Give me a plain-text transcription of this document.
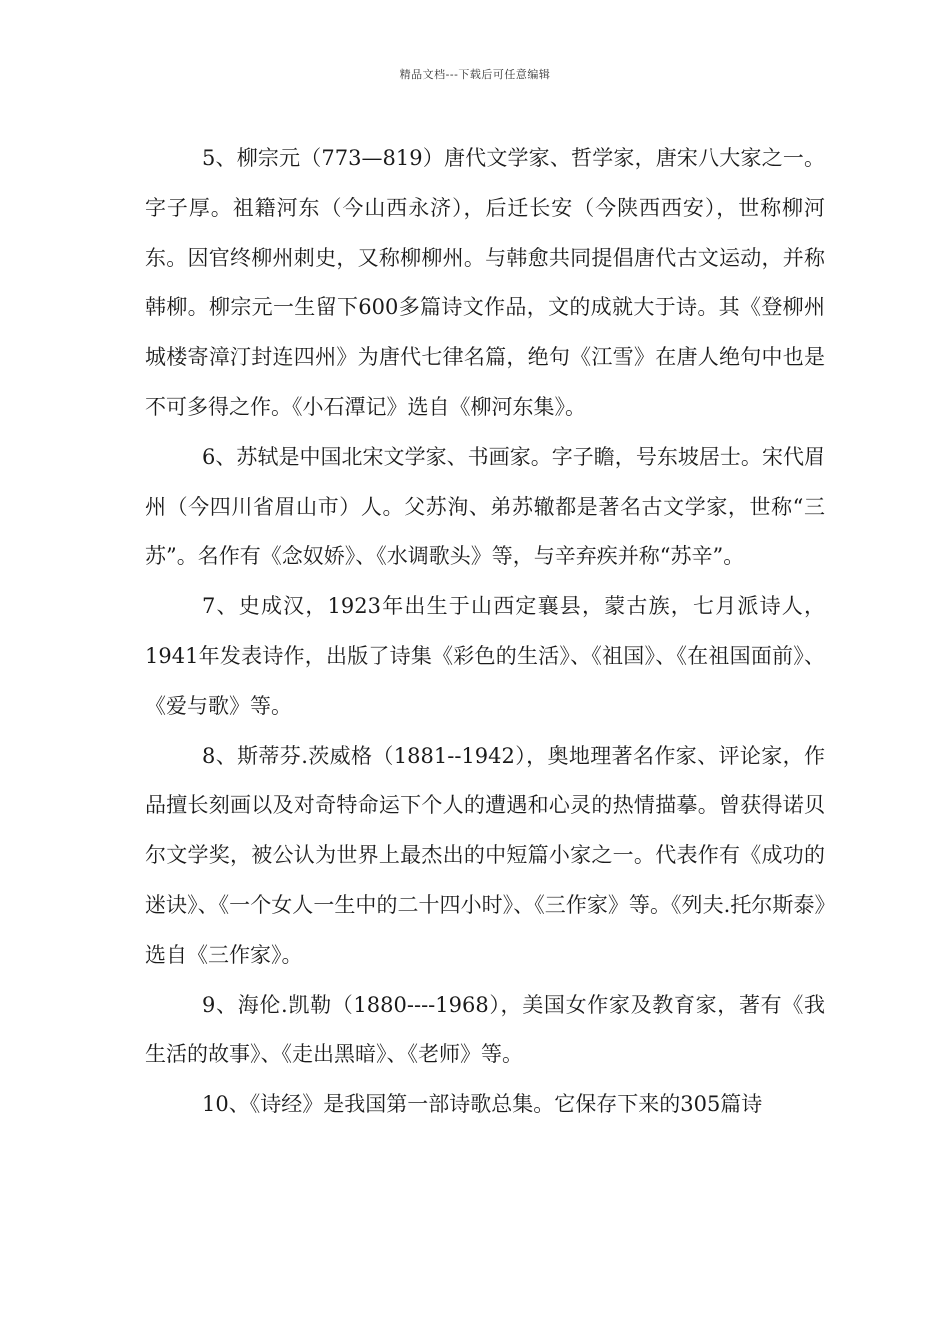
精品文档---下载后可任意编辑

5、柳宗元（773—819）唐代文学家、哲学家，唐宋八大家之一。字子厚。祖籍河东（今山西永济），后迁长安（今陕西西安），世称柳河东。因官终柳州刺史，又称柳柳州。与韩愈共同提倡唐代古文运动，并称韩柳。柳宗元一生留下600多篇诗文作品，文的成就大于诗。其《登柳州城楼寄漳汀封连四州》为唐代七律名篇，绝句《江雪》在唐人绝句中也是不可多得之作。《小石潭记》选自《柳河东集》。

6、苏轼是中国北宋文学家、书画家。字子瞻，号东坡居士。宋代眉州（今四川省眉山市）人。父苏洵、弟苏辙都是著名古文学家，世称“三苏”。名作有《念奴娇》、《水调歌头》等，与辛弃疾并称“苏辛”。

7、史成汉，1923年出生于山西定襄县，蒙古族，七月派诗人，1941年发表诗作，出版了诗集《彩色的生活》、《祖国》、《在祖国面前》、《爱与歌》等。

8、斯蒂芬.茨威格（1881--1942），奥地理著名作家、评论家，作品擅长刻画以及对奇特命运下个人的遭遇和心灵的热情描摹。曾获得诺贝尔文学奖，被公认为世界上最杰出的中短篇小家之一。代表作有《成功的迷诀》、《一个女人一生中的二十四小时》、《三作家》等。《列夫.托尔斯泰》选自《三作家》。

9、海伦.凯勒（1880----1968），美国女作家及教育家，著有《我生活的故事》、《走出黑暗》、《老师》等。

10、《诗经》是我国第一部诗歌总集。它保存下来的305篇诗
